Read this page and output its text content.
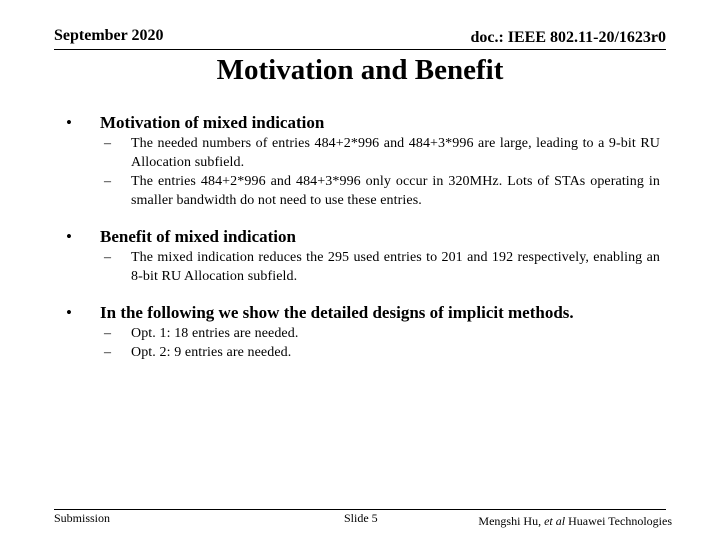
September 2020	doc.: IEEE 802.11-20/1623r0
Motivation and Benefit
• Motivation of mixed indication
– The needed numbers of entries 484+2*996 and 484+3*996 are large, leading to a 9-bit RU Allocation subfield.
– The entries 484+2*996 and 484+3*996 only occur in 320MHz. Lots of STAs operating in smaller bandwidth do not need to use these entries.
• Benefit of mixed indication
– The mixed indication reduces the 295 used entries to 201 and 192 respectively, enabling an 8-bit RU Allocation subfield.
• In the following we show the detailed designs of implicit methods.
– Opt. 1: 18 entries are needed.
– Opt. 2: 9 entries are needed.
Submission	Slide 5	Mengshi Hu, et al Huawei Technologies
